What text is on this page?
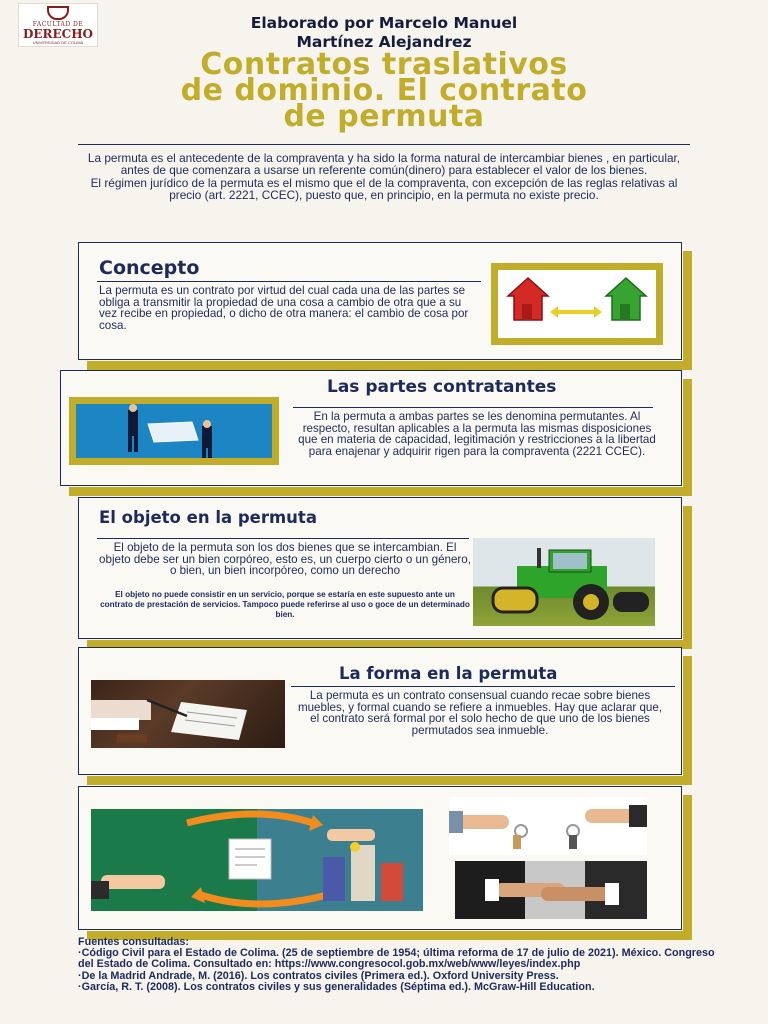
FACULTAD DE
DERECHO
UNIVERSIDAD DE COLIMA
Elaborado por Marcelo Manuel
Martínez Alejandrez
Contratos traslativos
de dominio. El contrato
de permuta

La permuta es el antecedente de la compraventa y ha sido la forma natural de intercambiar bienes , en particular, antes de que comenzara a usarse un referente común(dinero) para establecer el valor de los bienes.

El régimen jurídico de la permuta es el mismo que el de la compraventa, con excepción de las reglas relativas al precio (art. 2221, CCEC), puesto que, en principio, en la permuta no existe precio.

Concepto
La permuta es un contrato por virtud del cual cada una de las partes se obliga a transmitir la propiedad de una cosa a cambio de otra que a su vez recibe en propiedad, o dicho de otra manera: el cambio de cosa por cosa.
Las partes contratantes
En la permuta a ambas partes se les denomina permutantes. Al respecto, resultan aplicables a la permuta las mismas disposiciones que en materia de capacidad, legitimación y restricciones a la libertad para enajenar y adquirir rigen para la compraventa (2221 CCEC).
El objeto en la permuta
El objeto de la permuta son los dos bienes que se intercambian. El objeto debe ser un bien corpóreo, esto es, un cuerpo cierto o un género, o bien, un bien incorpóreo, como un derecho
El objeto no puede consistir en un servicio, porque se estaría en este supuesto ante un contrato de prestación de servicios. Tampoco puede referirse al uso o goce de un determinado bien.
La forma en la permuta
La permuta es un contrato consensual cuando recae sobre bienes muebles, y formal cuando se refiere a inmuebles. Hay que aclarar que, el contrato será formal por el solo hecho de que uno de los bienes permutados sea inmueble.

Fuentes consultadas:

·Código Civil para el Estado de Colima. (25 de septiembre de 1954; última reforma de 17 de julio de 2021). México. Congreso del Estado de Colima. Consultado en: https://www.congresocol.gob.mx/web/www/leyes/index.php

·De la Madrid Andrade, M. (2016). Los contratos civiles (Primera ed.). Oxford University Press.

·García, R. T. (2008). Los contratos civiles y sus generalidades (Séptima ed.). McGraw-Hill Education.
